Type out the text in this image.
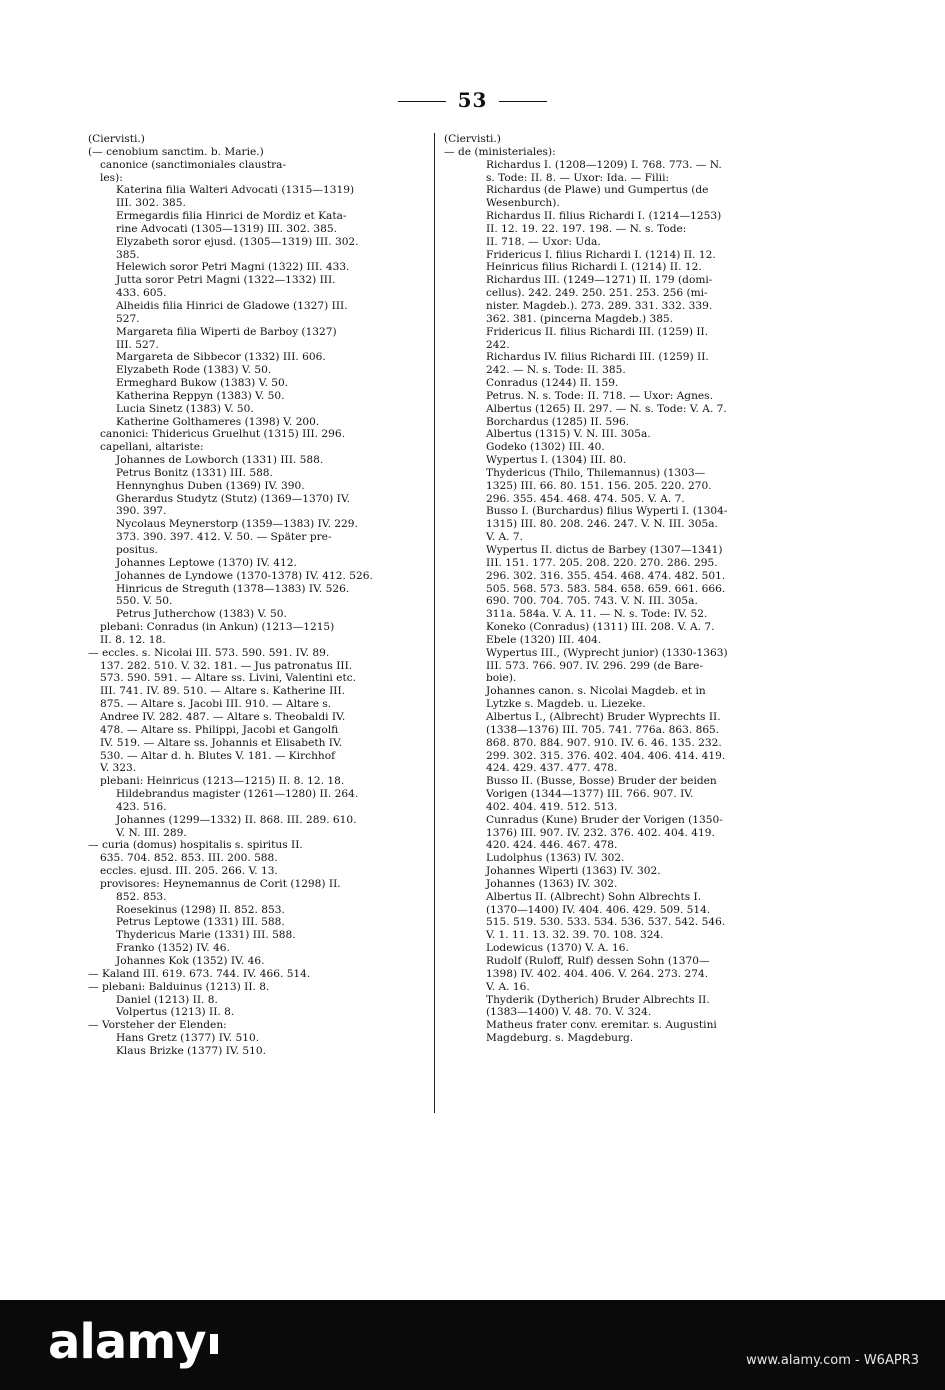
53
(Ciervisti.)
(— cenobium sanctim. b. Marie.)
canonice (sanctimoniales claustra-
les):
Katerina filia Walteri Advocati (1315—1319)
III. 302. 385.
Ermegardis filia Hinrici de Mordiz et Kata-
rine Advocati (1305—1319) III. 302. 385.
Elyzabeth soror ejusd. (1305—1319) III. 302.
385.
Helewich soror Petri Magni (1322) III. 433.
Jutta soror Petri Magni (1322—1332) III.
433. 605.
Alheidis filia Hinrici de Gladowe (1327) III.
527.
Margareta filia Wiperti de Barboy (1327)
III. 527.
Margareta de Sibbecor (1332) III. 606.
Elyzabeth Rode (1383) V. 50.
Ermeghard Bukow (1383) V. 50.
Katherina Reppyn (1383) V. 50.
Lucia Sinetz (1383) V. 50.
Katherine Golthameres (1398) V. 200.
canonici: Thidericus Gruelhut (1315) III. 296.
capellani, altariste:
Johannes de Lowborch (1331) III. 588.
Petrus Bonitz (1331) III. 588.
Hennynghus Duben (1369) IV. 390.
Gherardus Studytz (Stutz) (1369—1370) IV.
390. 397.
Nycolaus Meynerstorp (1359—1383) IV. 229.
373. 390. 397. 412. V. 50. — Später pre-
positus.
Johannes Leptowe (1370) IV. 412.
Johannes de Lyndowe (1370-1378) IV. 412. 526.
Hinricus de Streguth (1378—1383) IV. 526.
550. V. 50.
Petrus Jutherchow (1383) V. 50.
plebani: Conradus (in Ankun) (1213—1215)
II. 8. 12. 18.
— eccles. s. Nicolai III. 573. 590. 591. IV. 89.
137. 282. 510. V. 32. 181. — Jus patronatus III.
573. 590. 591. — Altare ss. Livini, Valentini etc.
III. 741. IV. 89. 510. — Altare s. Katherine III.
875. — Altare s. Jacobi III. 910. — Altare s.
Andree IV. 282. 487. — Altare s. Theobaldi IV.
478. — Altare ss. Philippi, Jacobi et Gangolfi
IV. 519. — Altare ss. Johannis et Elisabeth IV.
530. — Altar d. h. Blutes V. 181. — Kirchhof
V. 323.
plebani: Heinricus (1213—1215) II. 8. 12. 18.
Hildebrandus magister (1261—1280) II. 264.
423. 516.
Johannes (1299—1332) II. 868. III. 289. 610.
V. N. III. 289.
— curia (domus) hospitalis s. spiritus II.
635. 704. 852. 853. III. 200. 588.
eccles. ejusd. III. 205. 266. V. 13.
provisores: Heynemannus de Corit (1298) II.
852. 853.
Roesekinus (1298) II. 852. 853.
Petrus Leptowe (1331) III. 588.
Thydericus Marie (1331) III. 588.
Franko (1352) IV. 46.
Johannes Kok (1352) IV. 46.
— Kaland III. 619. 673. 744. IV. 466. 514.
— plebani: Balduinus (1213) II. 8.
Daniel (1213) II. 8.
Volpertus (1213) II. 8.
— Vorsteher der Elenden:
Hans Gretz (1377) IV. 510.
Klaus Brizke (1377) IV. 510.
(Ciervisti.)
— de (ministeriales):
Richardus I. (1208—1209) I. 768. 773. — N.
s. Tode: II. 8. — Uxor: Ida. — Filii:
Richardus (de Plawe) und Gumpertus (de
Wesenburch).
Richardus II. filius Richardi I. (1214—1253)
II. 12. 19. 22. 197. 198. — N. s. Tode:
II. 718. — Uxor: Uda.
Fridericus I. filius Richardi I. (1214) II. 12.
Heinricus filius Richardi I. (1214) II. 12.
Richardus III. (1249—1271) II. 179 (domi-
cellus). 242. 249. 250. 251. 253. 256 (mi-
nister. Magdeb.). 273. 289. 331. 332. 339.
362. 381. (pincerna Magdeb.) 385.
Fridericus II. filius Richardi III. (1259) II.
242.
Richardus IV. filius Richardi III. (1259) II.
242. — N. s. Tode: II. 385.
Conradus (1244) II. 159.
Petrus. N. s. Tode: II. 718. — Uxor: Agnes.
Albertus (1265) II. 297. — N. s. Tode: V. A. 7.
Borchardus (1285) II. 596.
Albertus (1315) V. N. III. 305a.
Godeko (1302) III. 40.
Wypertus I. (1304) III. 80.
Thydericus (Thilo, Thilemannus) (1303—
1325) III. 66. 80. 151. 156. 205. 220. 270.
296. 355. 454. 468. 474. 505. V. A. 7.
Busso I. (Burchardus) filius Wyperti I. (1304-
1315) III. 80. 208. 246. 247. V. N. III. 305a.
V. A. 7.
Wypertus II. dictus de Barbey (1307—1341)
III. 151. 177. 205. 208. 220. 270. 286. 295.
296. 302. 316. 355. 454. 468. 474. 482. 501.
505. 568. 573. 583. 584. 658. 659. 661. 666.
690. 700. 704. 705. 743. V. N. III. 305a.
311a. 584a. V. A. 11. — N. s. Tode: IV. 52.
Koneko (Conradus) (1311) III. 208. V. A. 7.
Ebele (1320) III. 404.
Wypertus III., (Wyprecht junior) (1330-1363)
III. 573. 766. 907. IV. 296. 299 (de Bare-
boie).
Johannes canon. s. Nicolai Magdeb. et in
Lytzke s. Magdeb. u. Liezeke.
Albertus I., (Albrecht) Bruder Wyprechts II.
(1338—1376) III. 705. 741. 776a. 863. 865.
868. 870. 884. 907. 910. IV. 6. 46. 135. 232.
299. 302. 315. 376. 402. 404. 406. 414. 419.
424. 429. 437. 477. 478.
Busso II. (Busse, Bosse) Bruder der beiden
Vorigen (1344—1377) III. 766. 907. IV.
402. 404. 419. 512. 513.
Cunradus (Kune) Bruder der Vorigen (1350-
1376) III. 907. IV. 232. 376. 402. 404. 419.
420. 424. 446. 467. 478.
Ludolphus (1363) IV. 302.
Johannes Wiperti (1363) IV. 302.
Johannes (1363) IV. 302.
Albertus II. (Albrecht) Sohn Albrechts I.
(1370—1400) IV. 404. 406. 429. 509. 514.
515. 519. 530. 533. 534. 536. 537. 542. 546.
V. 1. 11. 13. 32. 39. 70. 108. 324.
Lodewicus (1370) V. A. 16.
Rudolf (Ruloff, Rulf) dessen Sohn (1370—
1398) IV. 402. 404. 406. V. 264. 273. 274.
V. A. 16.
Thyderik (Dytherich) Bruder Albrechts II.
(1383—1400) V. 48. 70. V. 324.
Matheus frater conv. eremitar. s. Augustini
Magdeburg. s. Magdeburg.
alamy	www.alamy.com - W6APR3
